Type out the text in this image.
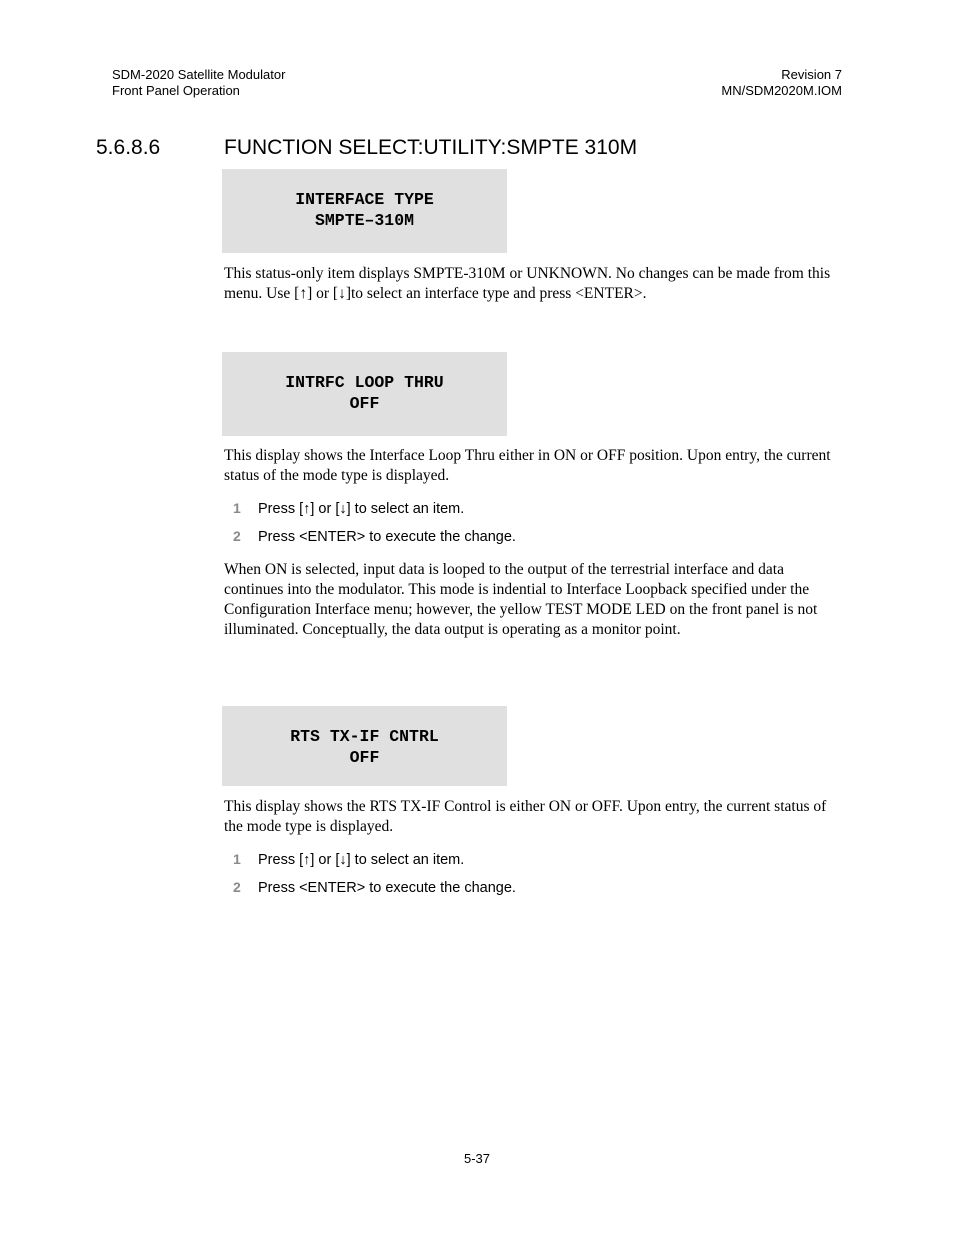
SDM-2020 Satellite Modulator
Front Panel Operation
Revision 7
MN/SDM2020M.IOM
5.6.8.6	FUNCTION SELECT:UTILITY:SMPTE 310M
INTERFACE TYPE
SMPTE–310M

This status-only item displays SMPTE-310M or UNKNOWN. No changes can be made from this menu. Use [↑] or [↓]to select an interface type and press <ENTER>.

INTRFC LOOP THRU
OFF

This display shows the Interface Loop Thru either in ON or OFF position. Upon entry, the current status of the mode type is displayed.

1 Press [↑] or [↓] to select an item.
2 Press <ENTER> to execute the change.

When ON is selected, input data is looped to the output of the terrestrial interface and data continues into the modulator. This mode is indential to Interface Loopback specified under the Configuration Interface menu; however, the yellow TEST MODE LED on the front panel is not illuminated. Conceptually, the data output is operating as a monitor point.

RTS TX-IF CNTRL
OFF

This display shows the RTS TX-IF Control is either ON or OFF. Upon entry, the current status of the mode type is displayed.

1 Press [↑] or [↓] to select an item.
2 Press <ENTER> to execute the change.
5-37
